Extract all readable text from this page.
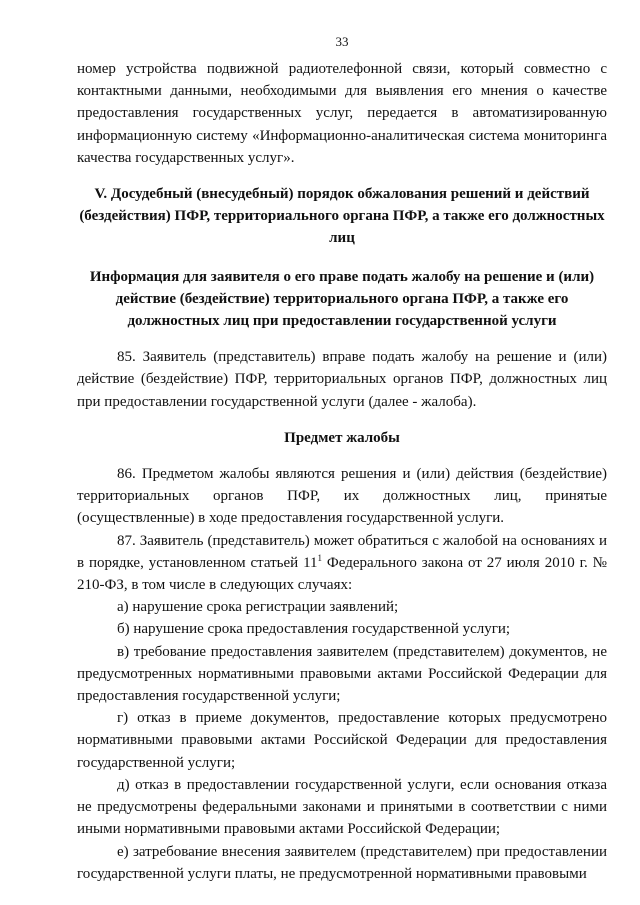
33

номер устройства подвижной радиотелефонной связи, который совместно с контактными данными, необходимыми для выявления его мнения о качестве предоставления государственных услуг, передается в автоматизированную информационную систему «Информационно-аналитическая система мониторинга качества государственных услуг».

V. Досудебный (внесудебный) порядок обжалования решений и действий (бездействия) ПФР, территориального органа ПФР, а также его должностных лиц

Информация для заявителя о его праве подать жалобу на решение и (или) действие (бездействие) территориального органа ПФР, а также его должностных лиц при предоставлении государственной услуги

85. Заявитель (представитель) вправе подать жалобу на решение и (или) действие (бездействие) ПФР, территориальных органов ПФР, должностных лиц при предоставлении государственной услуги (далее - жалоба).

Предмет жалобы

86. Предметом жалобы являются решения и (или) действия (бездействие) территориальных органов ПФР, их должностных лиц, принятые (осуществленные) в ходе предоставления государственной услуги.

87. Заявитель (представитель) может обратиться с жалобой на основаниях и в порядке, установленном статьей $11^1$ Федерального закона от 27 июля 2010 г. № 210-ФЗ, в том числе в следующих случаях:

а) нарушение срока регистрации заявлений;

б) нарушение срока предоставления государственной услуги;

в) требование предоставления заявителем (представителем) документов, не предусмотренных нормативными правовыми актами Российской Федерации для предоставления государственной услуги;

г) отказ в приеме документов, предоставление которых предусмотрено нормативными правовыми актами Российской Федерации для предоставления государственной услуги;

д) отказ в предоставлении государственной услуги, если основания отказа не предусмотрены федеральными законами и принятыми в соответствии с ними иными нормативными правовыми актами Российской Федерации;

е) затребование внесения заявителем (представителем) при предоставлении государственной услуги платы, не предусмотренной нормативными правовыми
